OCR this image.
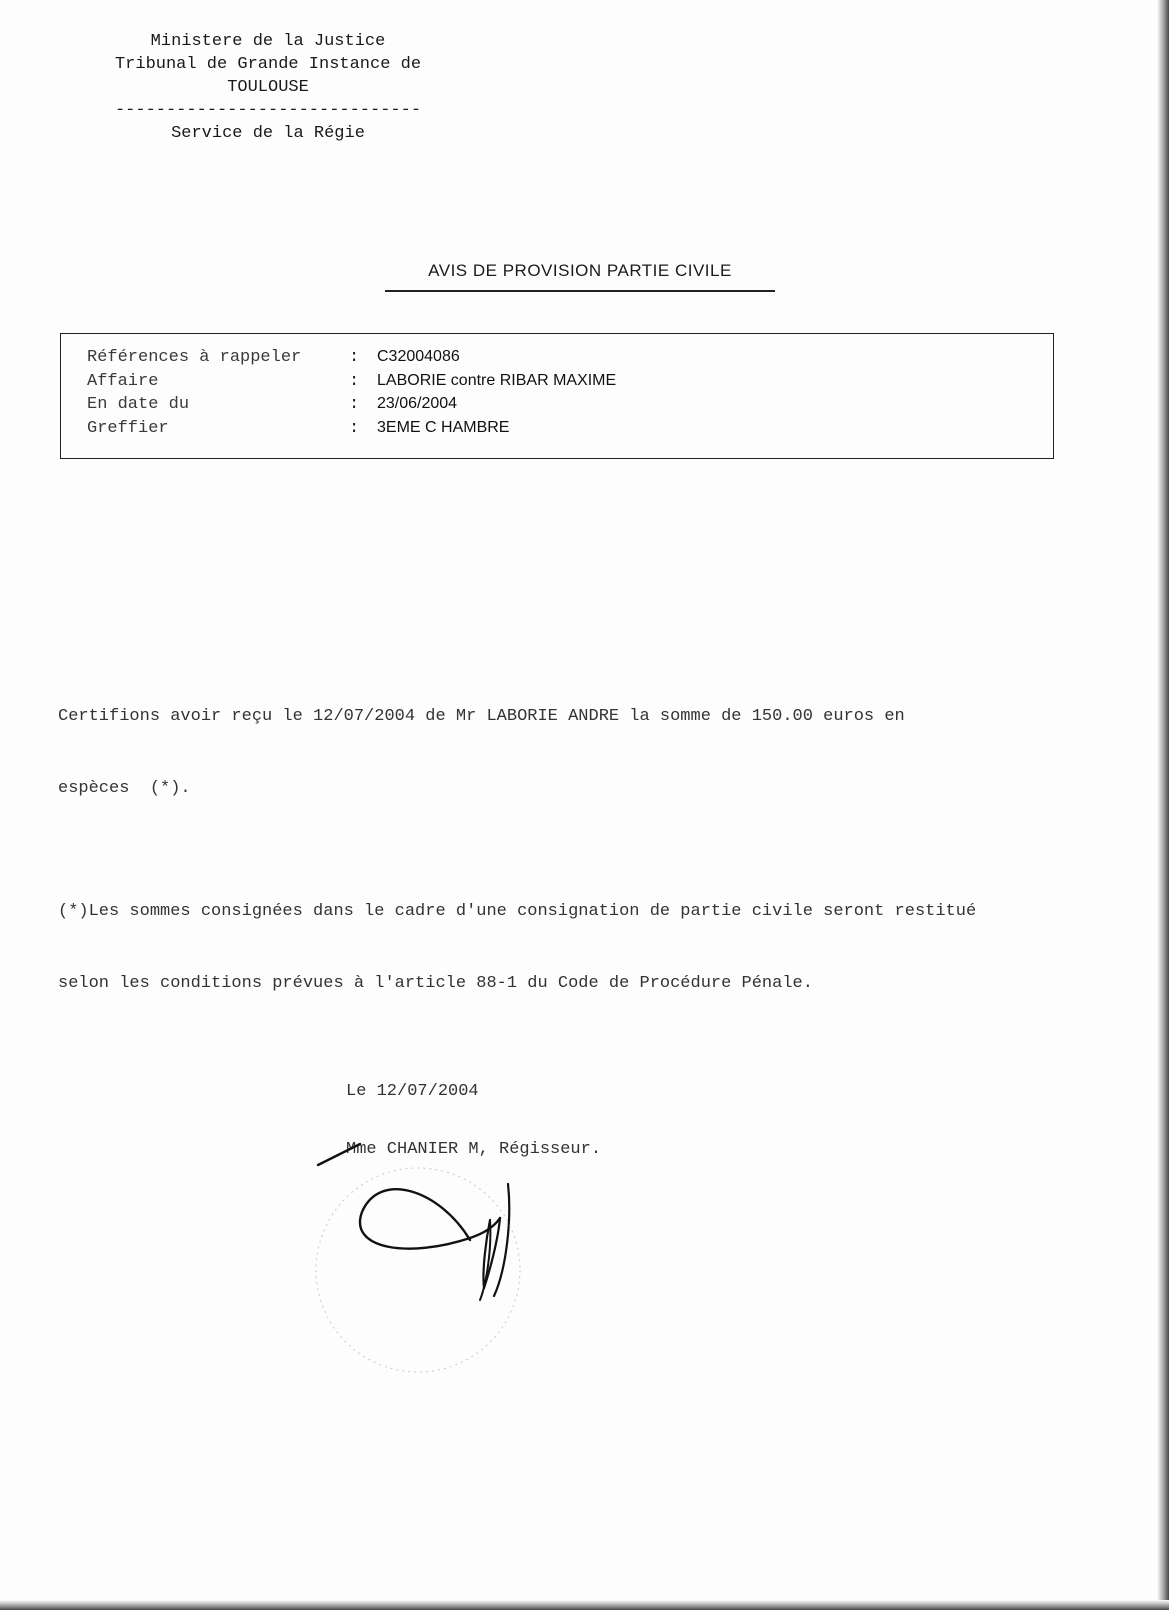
Ministere de la Justice
Tribunal de Grande Instance de
TOULOUSE
------------------------------
Service de la Régie
AVIS DE PROVISION PARTIE CIVILE
Références à rappeler	: C32004086
Affaire	: LABORIE contre RIBAR MAXIME
En date du	: 23/06/2004
Greffier	: 3EME C HAMBRE

Certifions avoir reçu le 12/07/2004 de Mr LABORIE ANDRE la somme de 150.00 euros en

espèces  (*).

(*)Les sommes consignées dans le cadre d'une consignation de partie civile seront restitué

selon les conditions prévues à l'article 88-1 du Code de Procédure Pénale.

Le 12/07/2004
Mme CHANIER M, Régisseur.
